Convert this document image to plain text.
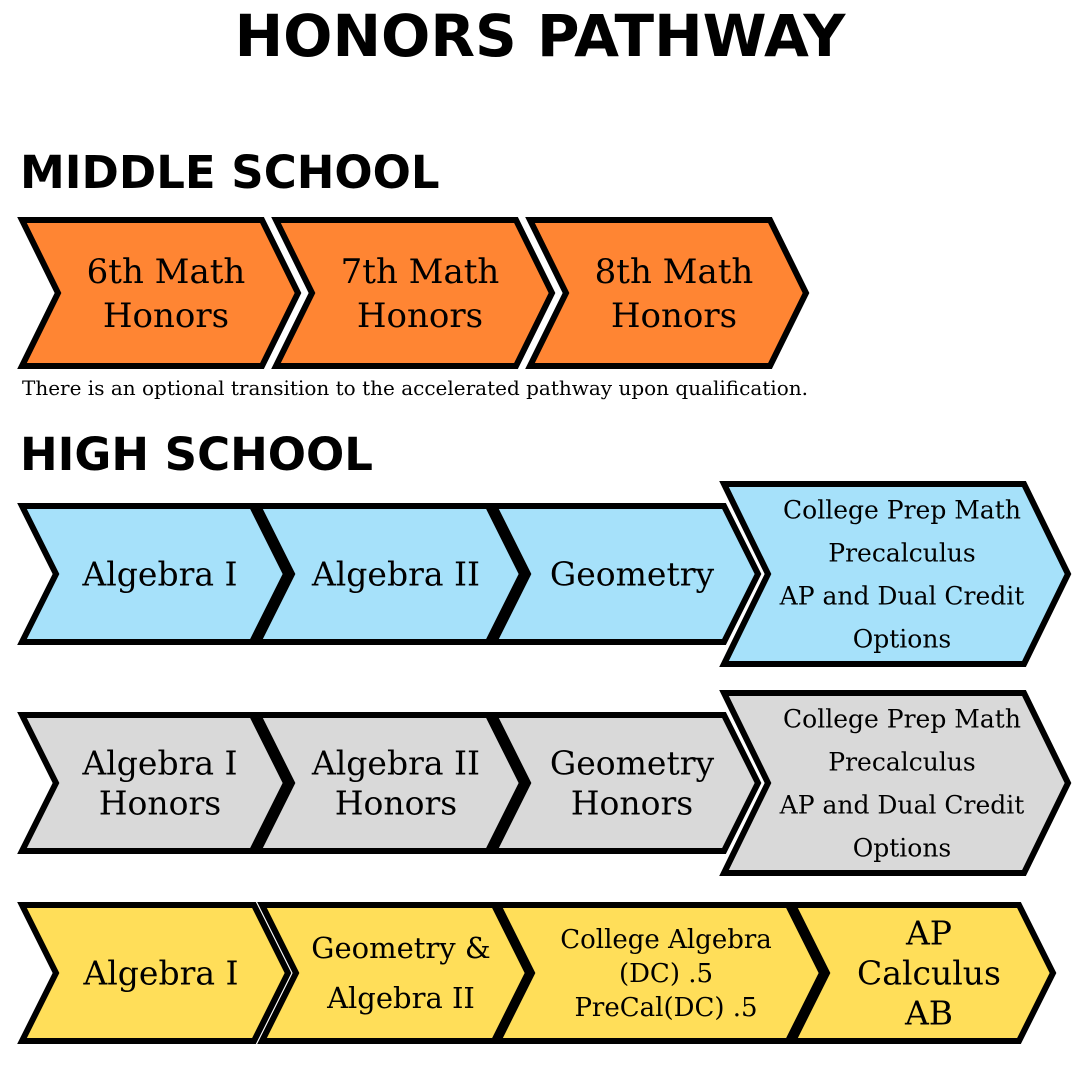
HONORS PATHWAY
MIDDLE SCHOOL
There is an optional transition to the accelerated pathway upon qualification.
HIGH SCHOOL
6th Math Honors
7th Math Honors
8th Math Honors
Algebra I Algebra II Geometry
College Prep Math Precalculus AP and Dual Credit Options
Algebra I Honors
Algebra II Honors
Geometry Honors
College Prep Math Precalculus AP and Dual Credit Options
Algebra I
Geometry & Algebra II
College Algebra (DC) .5 PreCal(DC) .5
AP Calculus AB
